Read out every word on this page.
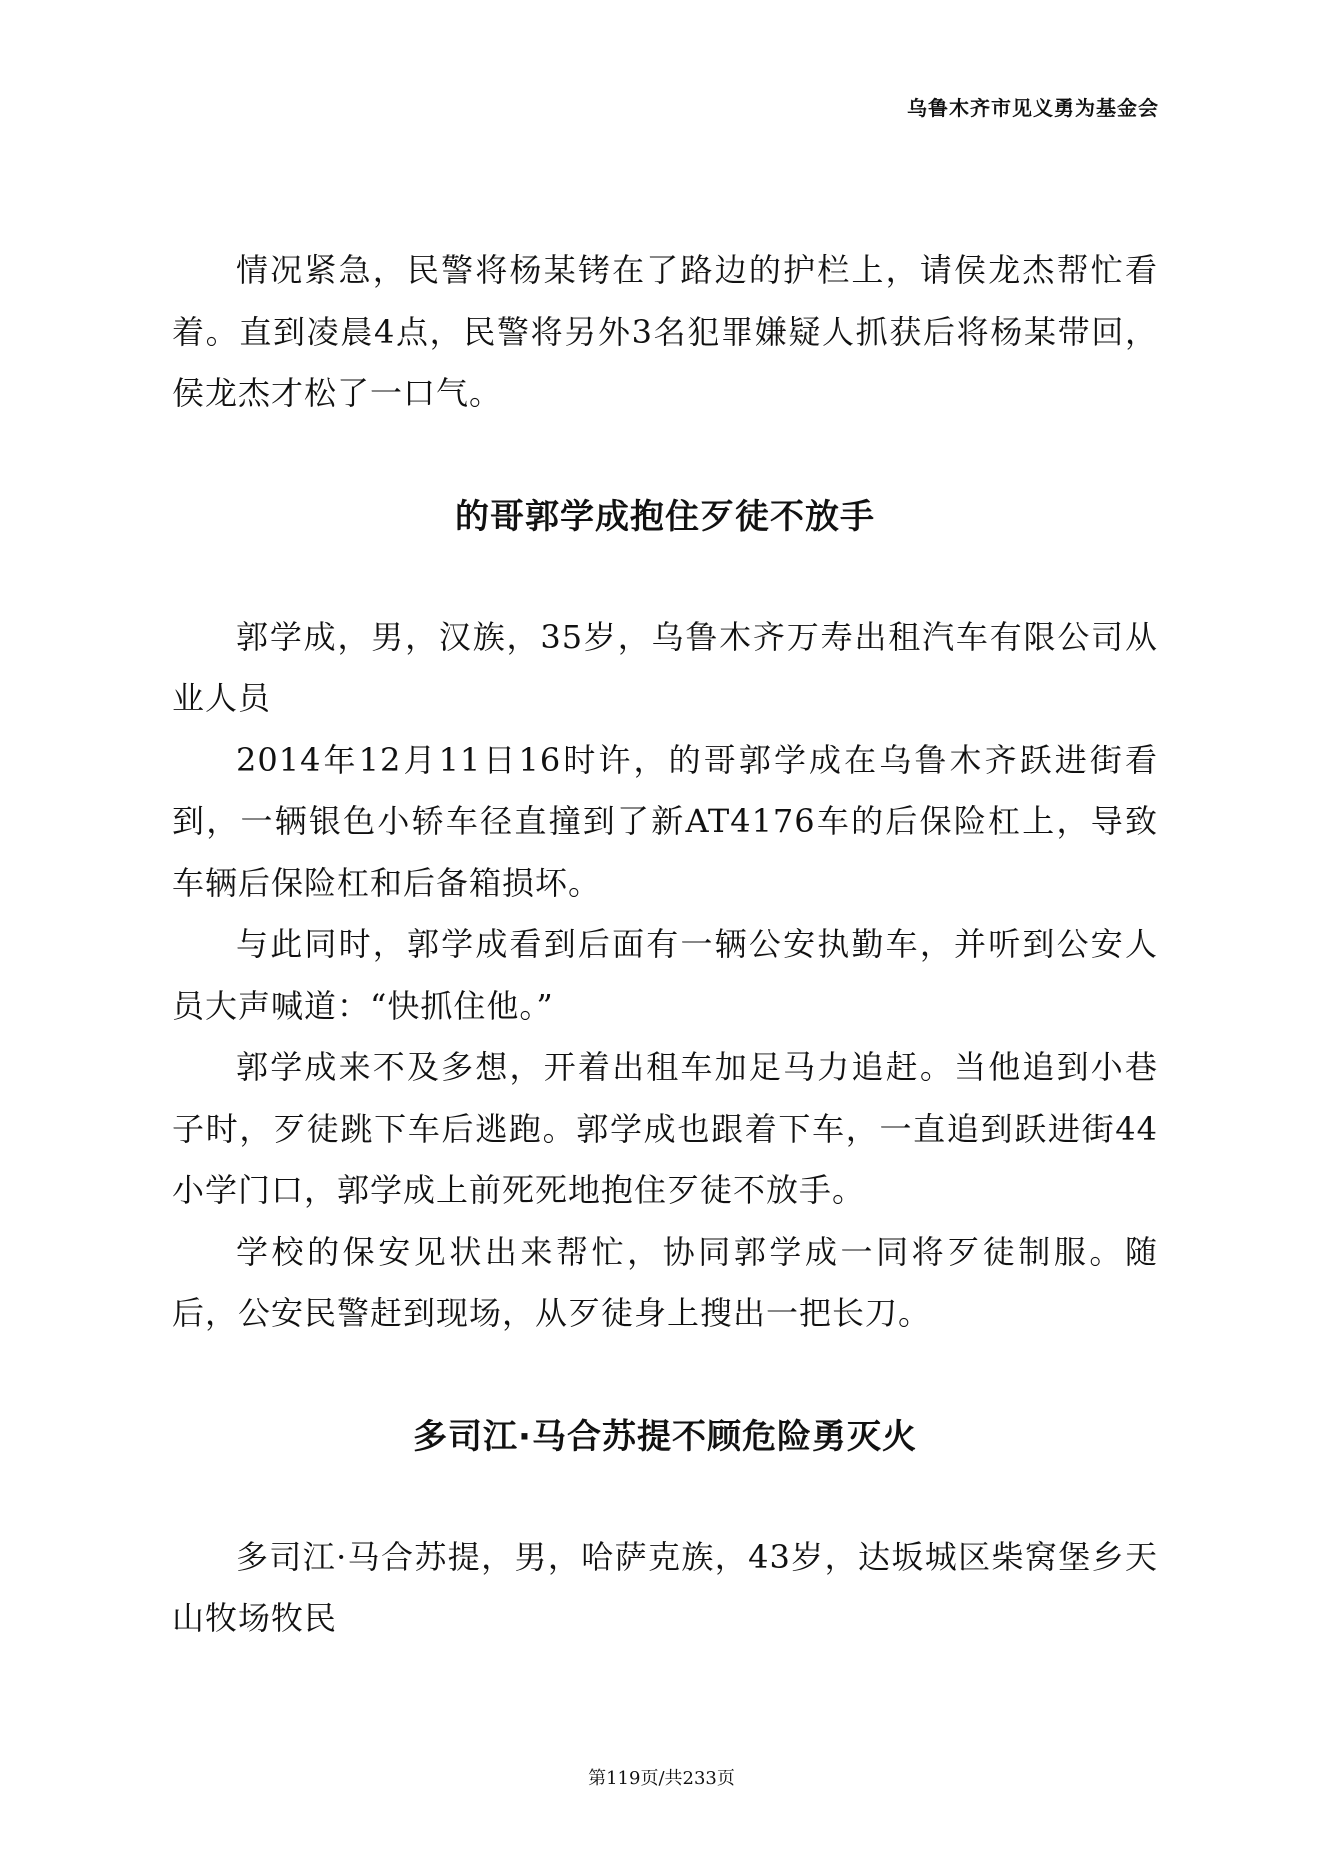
乌鲁木齐市见义勇为基金会

情况紧急，民警将杨某铐在了路边的护栏上，请侯龙杰帮忙看着。直到凌晨4点，民警将另外3名犯罪嫌疑人抓获后将杨某带回，侯龙杰才松了一口气。

的哥郭学成抱住歹徒不放手

郭学成，男，汉族，35岁，乌鲁木齐万寿出租汽车有限公司从业人员

2014年12月11日16时许，的哥郭学成在乌鲁木齐跃进街看到，一辆银色小轿车径直撞到了新AT4176车的后保险杠上，导致车辆后保险杠和后备箱损坏。

与此同时，郭学成看到后面有一辆公安执勤车，并听到公安人员大声喊道：“快抓住他。”

郭学成来不及多想，开着出租车加足马力追赶。当他追到小巷子时，歹徒跳下车后逃跑。郭学成也跟着下车，一直追到跃进街44小学门口，郭学成上前死死地抱住歹徒不放手。

学校的保安见状出来帮忙，协同郭学成一同将歹徒制服。随后，公安民警赶到现场，从歹徒身上搜出一把长刀。

多司江·马合苏提不顾危险勇灭火

多司江·马合苏提，男，哈萨克族，43岁，达坂城区柴窝堡乡天山牧场牧民

第119页/共233页
